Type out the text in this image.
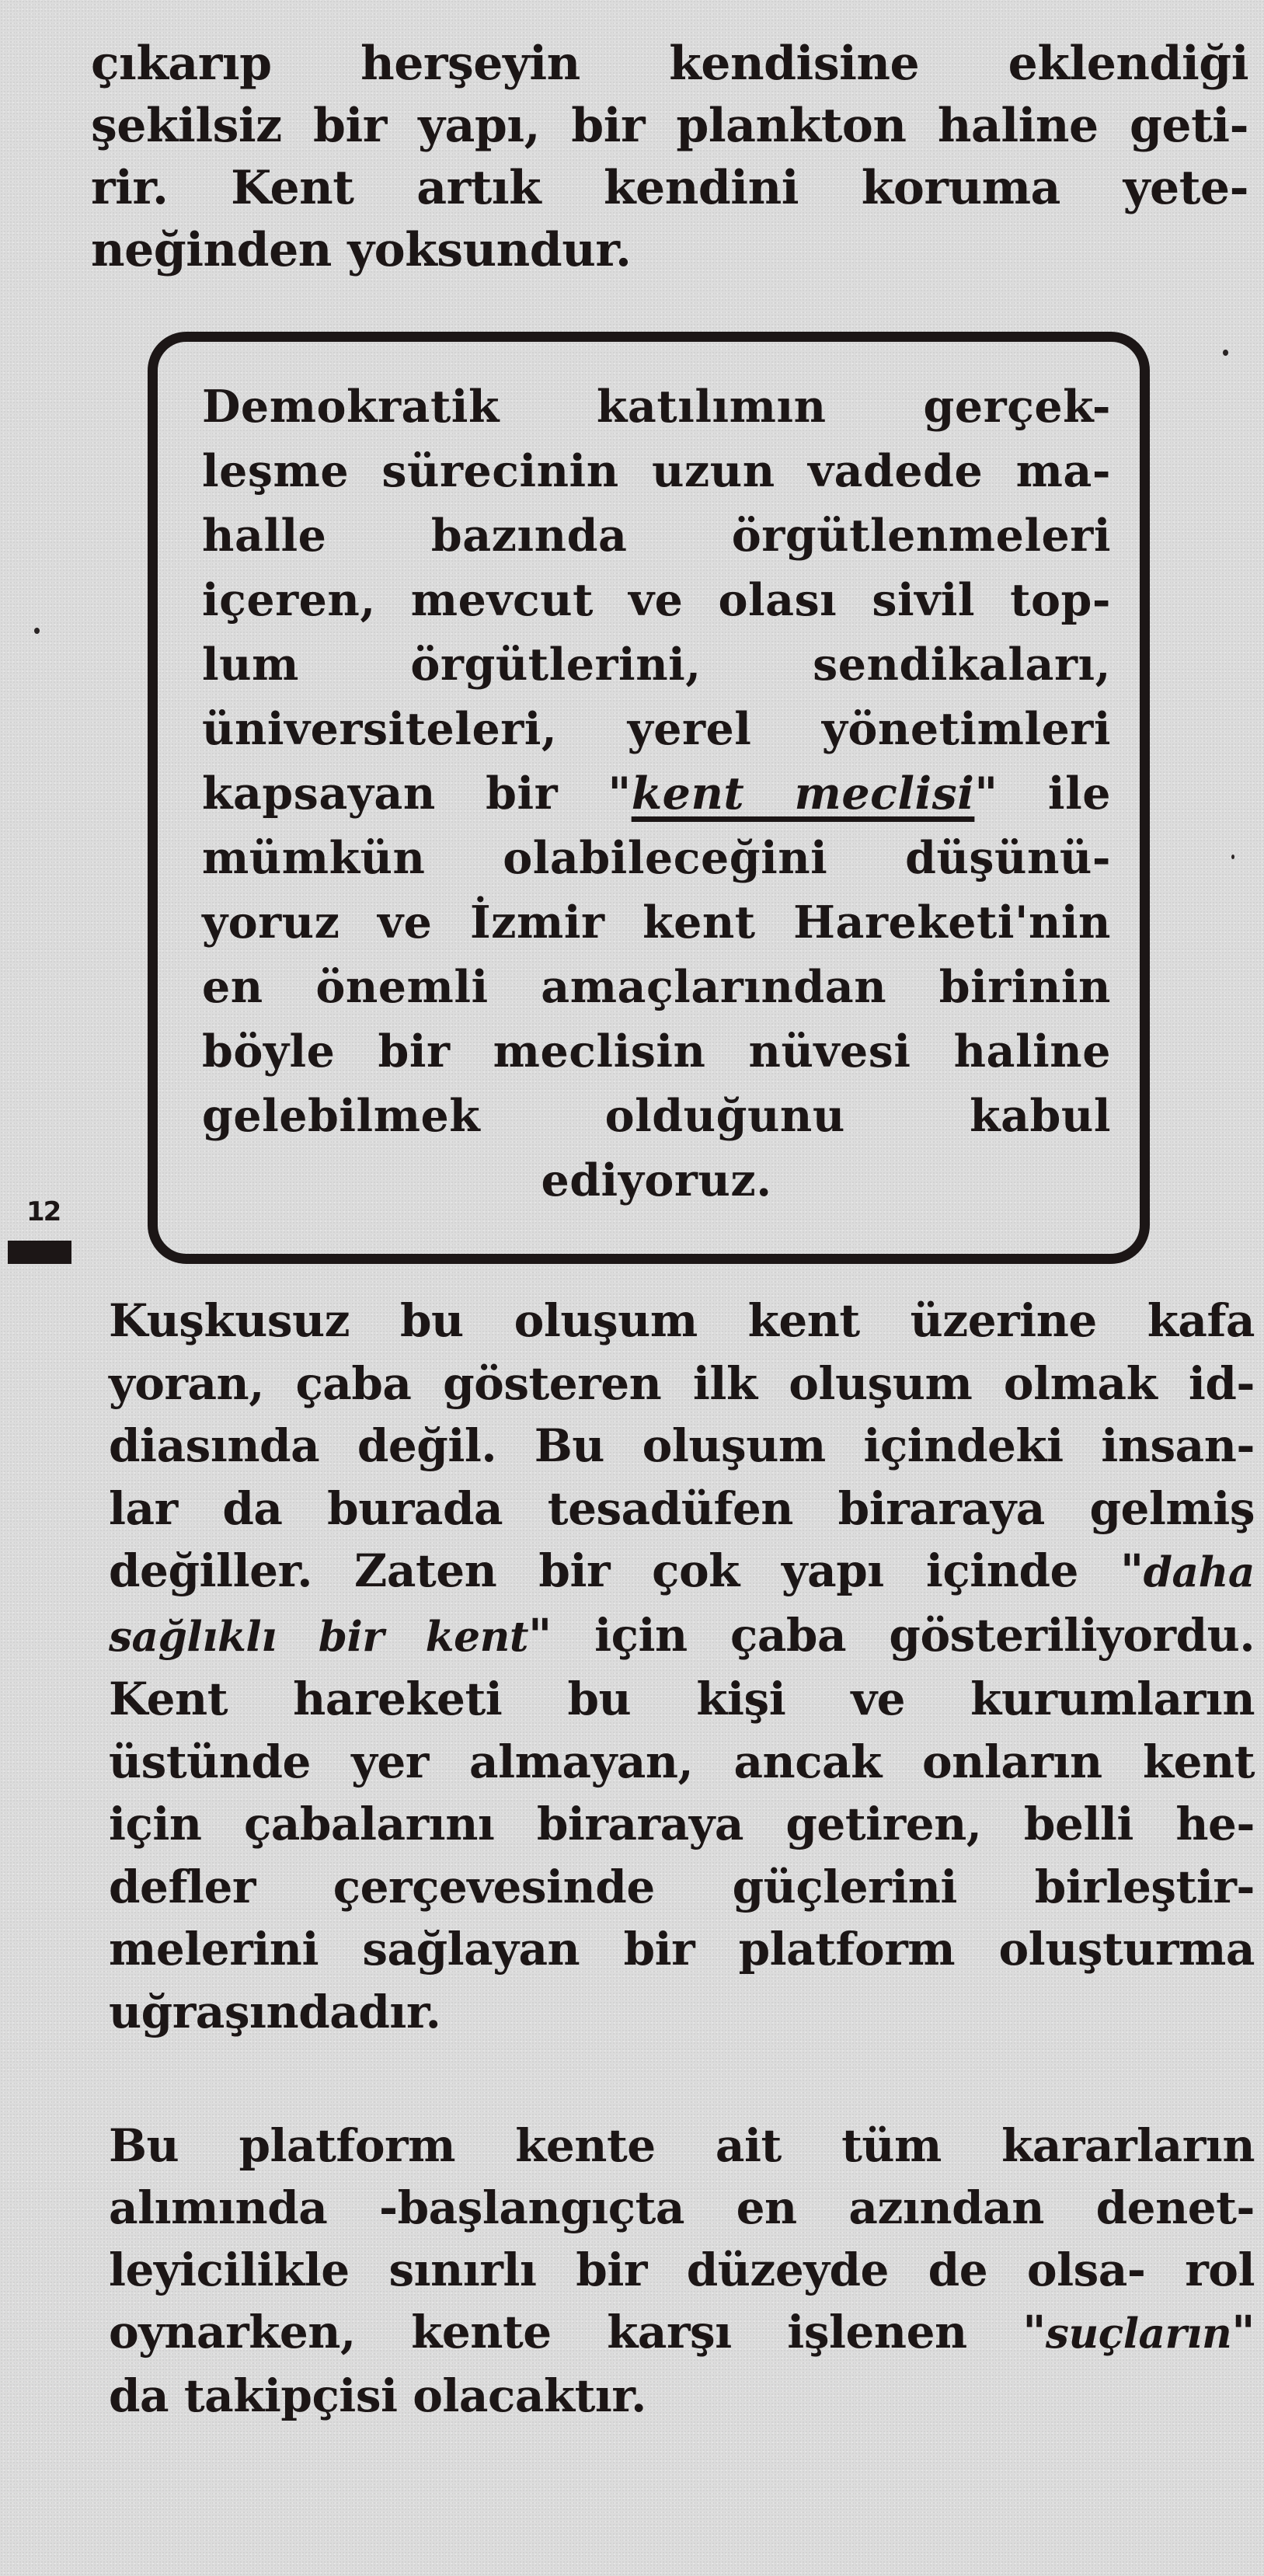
çıkarıp herşeyin kendisine eklendiği
şekilsiz bir yapı, bir plankton haline geti-
rir. Kent artık kendini koruma yete-
neğinden yoksundur.

Demokratik katılımın gerçek-
leşme sürecinin uzun vadede ma-
halle bazında örgütlenmeleri
içeren, mevcut ve olası sivil top-
lum örgütlerini, sendikaları,
üniversiteleri, yerel yönetimleri
kapsayan bir "kent meclisi" ile
mümkün olabileceğini düşünü-
yoruz ve İzmir kent Hareketi'nin
en önemli amaçlarından birinin
böyle bir meclisin nüvesi haline
gelebilmek olduğunu kabul
ediyoruz.
12

Kuşkusuz bu oluşum kent üzerine kafa
yoran, çaba gösteren ilk oluşum olmak id-
diasında değil. Bu oluşum içindeki insan-
lar da burada tesadüfen biraraya gelmiş
değiller. Zaten bir çok yapı içinde "daha
sağlıklı bir kent" için çaba gösteriliyordu.
Kent hareketi bu kişi ve kurumların
üstünde yer almayan, ancak onların kent
için çabalarını biraraya getiren, belli he-
defler çerçevesinde güçlerini birleştir-
melerini sağlayan bir platform oluşturma
uğraşındadır.

Bu platform kente ait tüm kararların
alımında -başlangıçta en azından denet-
leyicilikle sınırlı bir düzeyde de olsa- rol
oynarken, kente karşı işlenen "suçların"
da takipçisi olacaktır.
